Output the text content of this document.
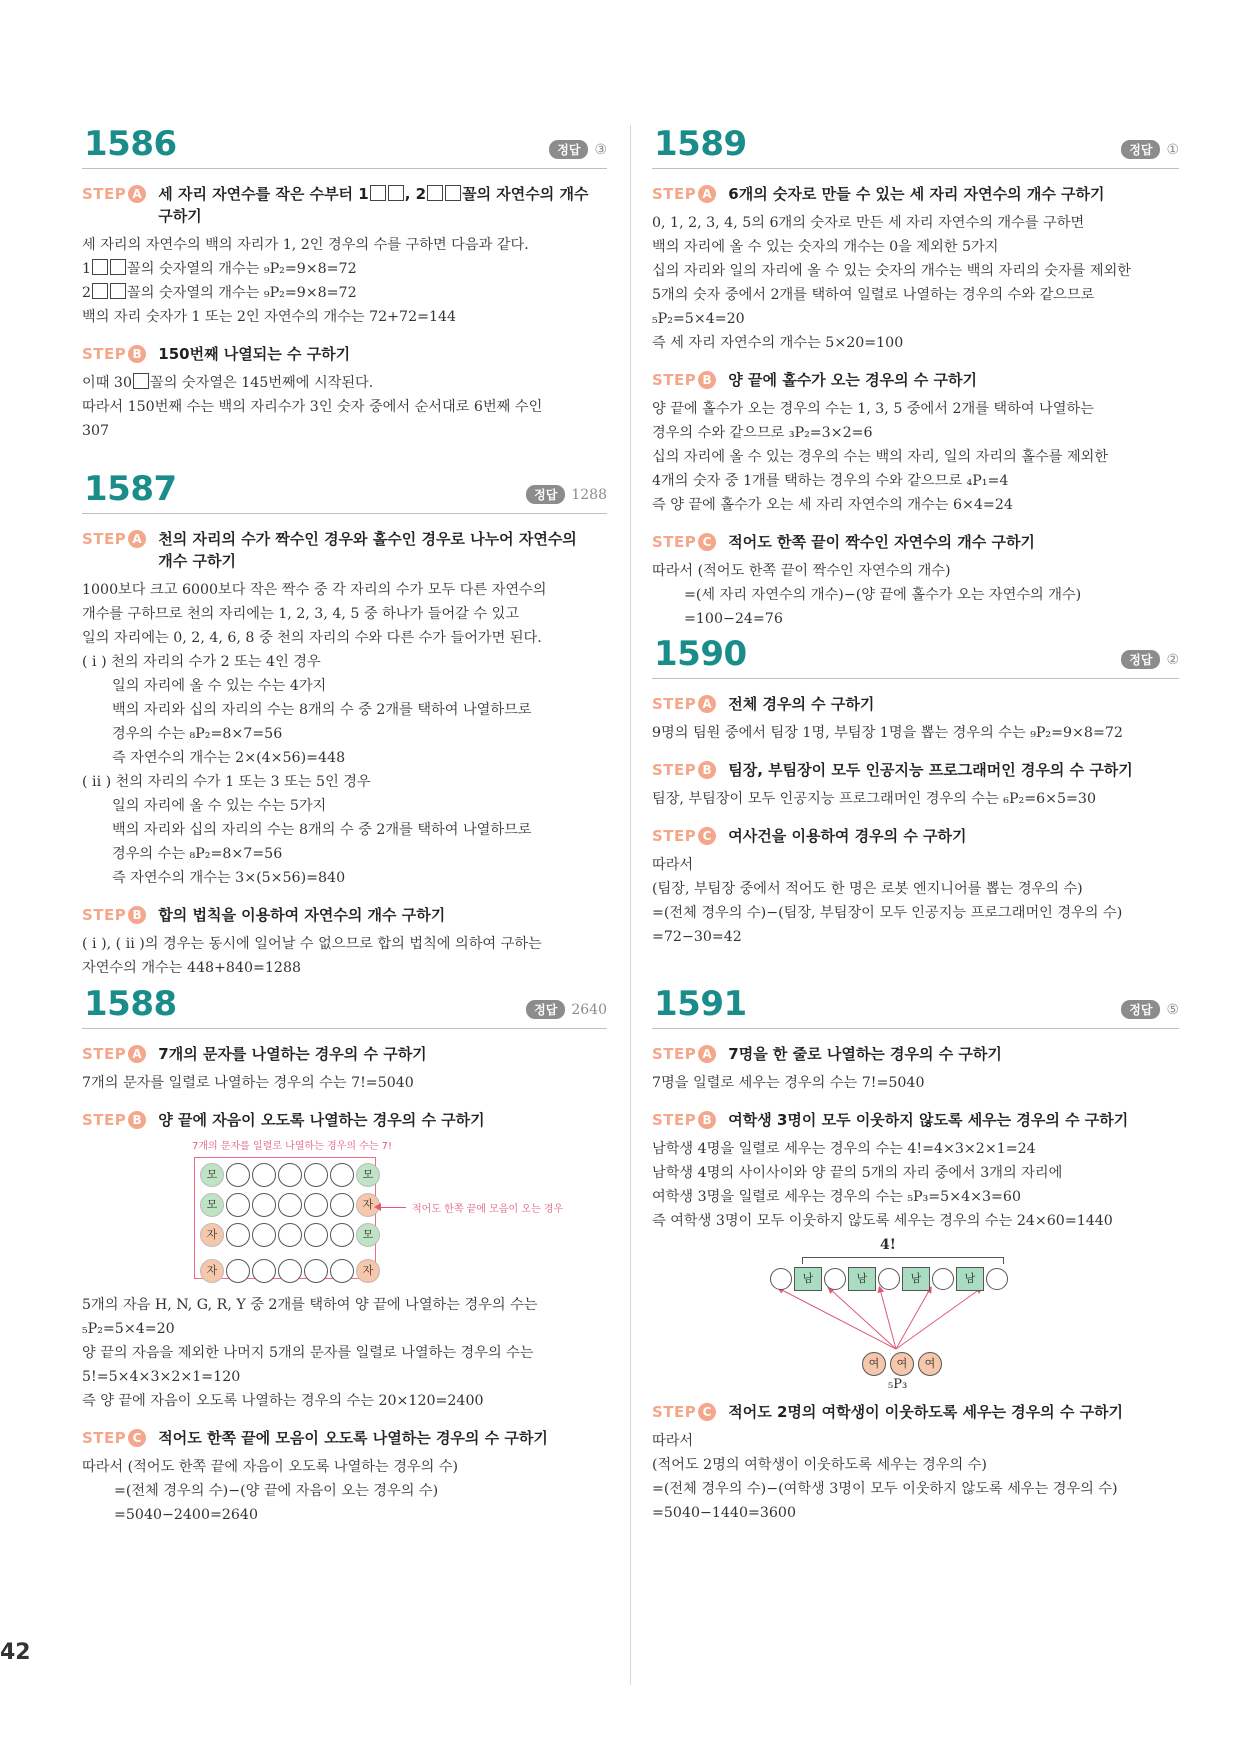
42
1586	정답	③
STEP A 세 자리 자연수를 작은 수부터 1 , 2 꼴의 자연수의 개수
구하기
세 자리의 자연수의 백의 자리가 1, 2인 경우의 수를 구하면 다음과 같다.
1	꼴의 숫자열의 개수는 ₉P₂=9×8=72
2	꼴의 숫자열의 개수는 ₉P₂=9×8=72
백의 자리 숫자가 1 또는 2인 자연수의 개수는 72+72=144
STEP B 150번째 나열되는 수 구하기
이때 30 꼴의 숫자열은 145번째에 시작된다.
따라서 150번째 수는 백의 자리수가 3인 숫자 중에서 순서대로 6번째 수인
307
1587	정답	1288
STEP A 천의 자리의 수가 짝수인 경우와 홀수인 경우로 나누어 자연수의
개수 구하기
1000보다 크고 6000보다 작은 짝수 중 각 자리의 수가 모두 다른 자연수의
개수를 구하므로 천의 자리에는 1, 2, 3, 4, 5 중 하나가 들어갈 수 있고
일의 자리에는 0, 2, 4, 6, 8 중 천의 자리의 수와 다른 수가 들어가면 된다.
( i ) 천의 자리의 수가 2 또는 4인 경우
일의 자리에 올 수 있는 수는 4가지
백의 자리와 십의 자리의 수는 8개의 수 중 2개를 택하여 나열하므로
경우의 수는 ₈P₂=8×7=56
즉 자연수의 개수는 2×(4×56)=448
( ii ) 천의 자리의 수가 1 또는 3 또는 5인 경우
일의 자리에 올 수 있는 수는 5가지
백의 자리와 십의 자리의 수는 8개의 수 중 2개를 택하여 나열하므로
경우의 수는 ₈P₂=8×7=56
즉 자연수의 개수는 3×(5×56)=840
STEP B 합의 법칙을 이용하여 자연수의 개수 구하기
( i ), ( ii )의 경우는 동시에 일어날 수 없으므로 합의 법칙에 의하여 구하는
자연수의 개수는 448+840=1288
1588	정답	2640
STEP A 7개의 문자를 나열하는 경우의 수 구하기
7개의 문자를 일렬로 나열하는 경우의 수는 7!=5040
STEP B 양 끝에 자음이 오도록 나열하는 경우의 수 구하기
7개의 문자를 일렬로 나열하는 경우의 수는 7!
모	모
모	자
자	모
자	자
적어도 한쪽 끝에 모음이 오는 경우
5개의 자음 H, N, G, R, Y 중 2개를 택하여 양 끝에 나열하는 경우의 수는
₅P₂=5×4=20
양 끝의 자음을 제외한 나머지 5개의 문자를 일렬로 나열하는 경우의 수는
5!=5×4×3×2×1=120
즉 양 끝에 자음이 오도록 나열하는 경우의 수는 20×120=2400
STEP C 적어도 한쪽 끝에 모음이 오도록 나열하는 경우의 수 구하기
따라서 (적어도 한쪽 끝에 자음이 오도록 나열하는 경우의 수)
=(전체 경우의 수)−(양 끝에 자음이 오는 경우의 수)
=5040−2400=2640
1589	정답	①
STEP A 6개의 숫자로 만들 수 있는 세 자리 자연수의 개수 구하기
0, 1, 2, 3, 4, 5의 6개의 숫자로 만든 세 자리 자연수의 개수를 구하면
백의 자리에 올 수 있는 숫자의 개수는 0을 제외한 5가지
십의 자리와 일의 자리에 올 수 있는 숫자의 개수는 백의 자리의 숫자를 제외한
5개의 숫자 중에서 2개를 택하여 일렬로 나열하는 경우의 수와 같으므로
₅P₂=5×4=20
즉 세 자리 자연수의 개수는 5×20=100
STEP B 양 끝에 홀수가 오는 경우의 수 구하기
양 끝에 홀수가 오는 경우의 수는 1, 3, 5 중에서 2개를 택하여 나열하는
경우의 수와 같으므로 ₃P₂=3×2=6
십의 자리에 올 수 있는 경우의 수는 백의 자리, 일의 자리의 홀수를 제외한
4개의 숫자 중 1개를 택하는 경우의 수와 같으므로 ₄P₁=4
즉 양 끝에 홀수가 오는 세 자리 자연수의 개수는 6×4=24
STEP C 적어도 한쪽 끝이 짝수인 자연수의 개수 구하기
따라서 (적어도 한쪽 끝이 짝수인 자연수의 개수)
=(세 자리 자연수의 개수)−(양 끝에 홀수가 오는 자연수의 개수)
=100−24=76
1590	정답	②
STEP A 전체 경우의 수 구하기
9명의 팀원 중에서 팀장 1명, 부팀장 1명을 뽑는 경우의 수는 ₉P₂=9×8=72
STEP B 팀장, 부팀장이 모두 인공지능 프로그래머인 경우의 수 구하기
팀장, 부팀장이 모두 인공지능 프로그래머인 경우의 수는 ₆P₂=6×5=30
STEP C 여사건을 이용하여 경우의 수 구하기
따라서
(팀장, 부팀장 중에서 적어도 한 명은 로봇 엔지니어를 뽑는 경우의 수)
=(전체 경우의 수)−(팀장, 부팀장이 모두 인공지능 프로그래머인 경우의 수)
=72−30=42
1591	정답	⑤
STEP A 7명을 한 줄로 나열하는 경우의 수 구하기
7명을 일렬로 세우는 경우의 수는 7!=5040
STEP B 여학생 3명이 모두 이웃하지 않도록 세우는 경우의 수 구하기
남학생 4명을 일렬로 세우는 경우의 수는 4!=4×3×2×1=24
남학생 4명의 사이사이와 양 끝의 5개의 자리 중에서 3개의 자리에
여학생 3명을 일렬로 세우는 경우의 수는 ₅P₃=5×4×3=60
즉 여학생 3명이 모두 이웃하지 않도록 세우는 경우의 수는 24×60=1440
4!
남	남	남	남
여	여	여
₅P₃
STEP C 적어도 2명의 여학생이 이웃하도록 세우는 경우의 수 구하기
따라서
(적어도 2명의 여학생이 이웃하도록 세우는 경우의 수)
=(전체 경우의 수)−(여학생 3명이 모두 이웃하지 않도록 세우는 경우의 수)
=5040−1440=3600
